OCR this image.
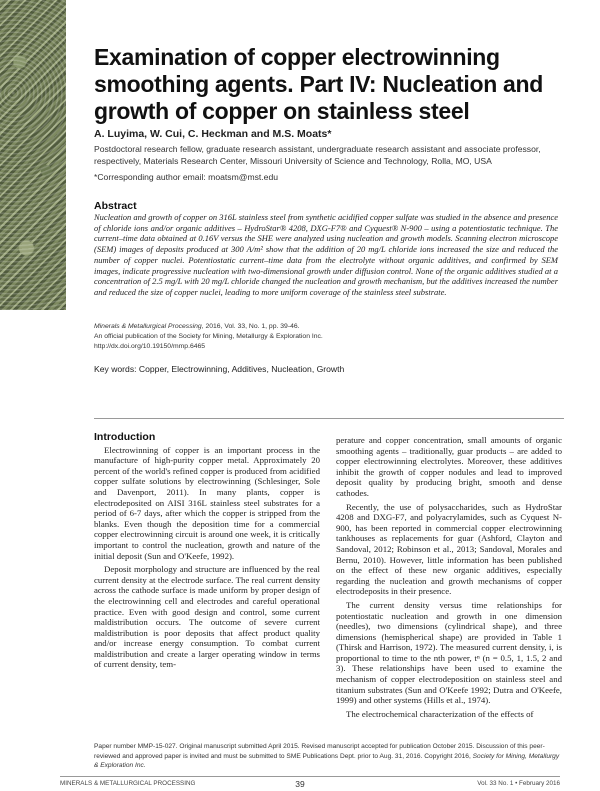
Examination of copper electrowinning smoothing agents. Part IV: Nucleation and growth of copper on stainless steel
A. Luyima, W. Cui, C. Heckman and M.S. Moats*
Postdoctoral research fellow, graduate research assistant, undergraduate research assistant and associate professor, respectively, Materials Research Center, Missouri University of Science and Technology, Rolla, MO, USA
*Corresponding author email: moatsm@mst.edu
Abstract

Nucleation and growth of copper on 316L stainless steel from synthetic acidified copper sulfate was studied in the absence and presence of chloride ions and/or organic additives – HydroStar® 4208, DXG-F7® and Cyquest® N-900 – using a potentiostatic technique. The current–time data obtained at 0.16V versus the SHE were analyzed using nucleation and growth models. Scanning electron microscope (SEM) images of deposits produced at 300 A/m² show that the addition of 20 mg/L chloride ions increased the size and reduced the number of copper nuclei. Potentiostatic current–time data from the electrolyte without organic additives, and confirmed by SEM images, indicate progressive nucleation with two-dimensional growth under diffusion control. None of the organic additives studied at a concentration of 2.5 mg/L with 20 mg/L chloride changed the nucleation and growth mechanism, but the additives increased the number and reduced the size of copper nuclei, leading to more uniform coverage of the stainless steel substrate.

Minerals & Metallurgical Processing, 2016, Vol. 33, No. 1, pp. 39-46.
An official publication of the Society for Mining, Metallurgy & Exploration Inc.
http://dx.doi.org/10.19150/mmp.6465
Key words: Copper, Electrowinning, Additives, Nucleation, Growth
Introduction

Electrowinning of copper is an important process in the manufacture of high-purity copper metal. Approximately 20 percent of the world's refined copper is produced from acidified copper sulfate solutions by electrowinning (Schlesinger, Sole and Davenport, 2011). In many plants, copper is electrodeposited on AISI 316L stainless steel substrates for a period of 6-7 days, after which the copper is stripped from the blanks. Even though the deposition time for a commercial copper electrowinning circuit is around one week, it is critically important to control the nucleation, growth and nature of the initial deposit (Sun and O'Keefe, 1992).

Deposit morphology and structure are influenced by the real current density at the electrode surface. The real current density across the cathode surface is made uniform by proper design of the electrowinning cell and electrodes and careful operational practice. Even with good design and control, some current maldistribution occurs. The outcome of severe current maldistribution is poor deposits that affect product quality and/or increase energy consumption. To combat current maldistribution and create a larger operating window in terms of current density, tem-

perature and copper concentration, small amounts of organic smoothing agents – traditionally, guar products – are added to copper electrowinning electrolytes. Moreover, these additives inhibit the growth of copper nodules and lead to improved deposit quality by producing bright, smooth and dense cathodes.

Recently, the use of polysaccharides, such as HydroStar 4208 and DXG-F7, and polyacrylamides, such as Cyquest N-900, has been reported in commercial copper electrowinning tankhouses as replacements for guar (Ashford, Clayton and Sandoval, 2012; Robinson et al., 2013; Sandoval, Morales and Bernu, 2010). However, little information has been published on the effect of these new organic additives, especially regarding the nucleation and growth mechanisms of copper electrodeposits in their presence.

The current density versus time relationships for potentiostatic nucleation and growth in one dimension (needles), two dimensions (cylindrical shape), and three dimensions (hemispherical shape) are provided in Table 1 (Thirsk and Harrison, 1972). The measured current density, i, is proportional to time to the nth power, tⁿ (n = 0.5, 1, 1.5, 2 and 3). These relationships have been used to examine the mechanism of copper electrodeposition on stainless steel and titanium substrates (Sun and O'Keefe 1992; Dutra and O'Keefe, 1999) and other systems (Hills et al., 1974).

The electrochemical characterization of the effects of

Paper number MMP-15-027. Original manuscript submitted April 2015. Revised manuscript accepted for publication October 2015. Discussion of this peer-reviewed and approved paper is invited and must be submitted to SME Publications Dept. prior to Aug. 31, 2016. Copyright 2016, Society for Mining, Metallurgy & Exploration Inc.
MINERALS & METALLURGICAL PROCESSING	39	Vol. 33 No. 1 • February 2016
